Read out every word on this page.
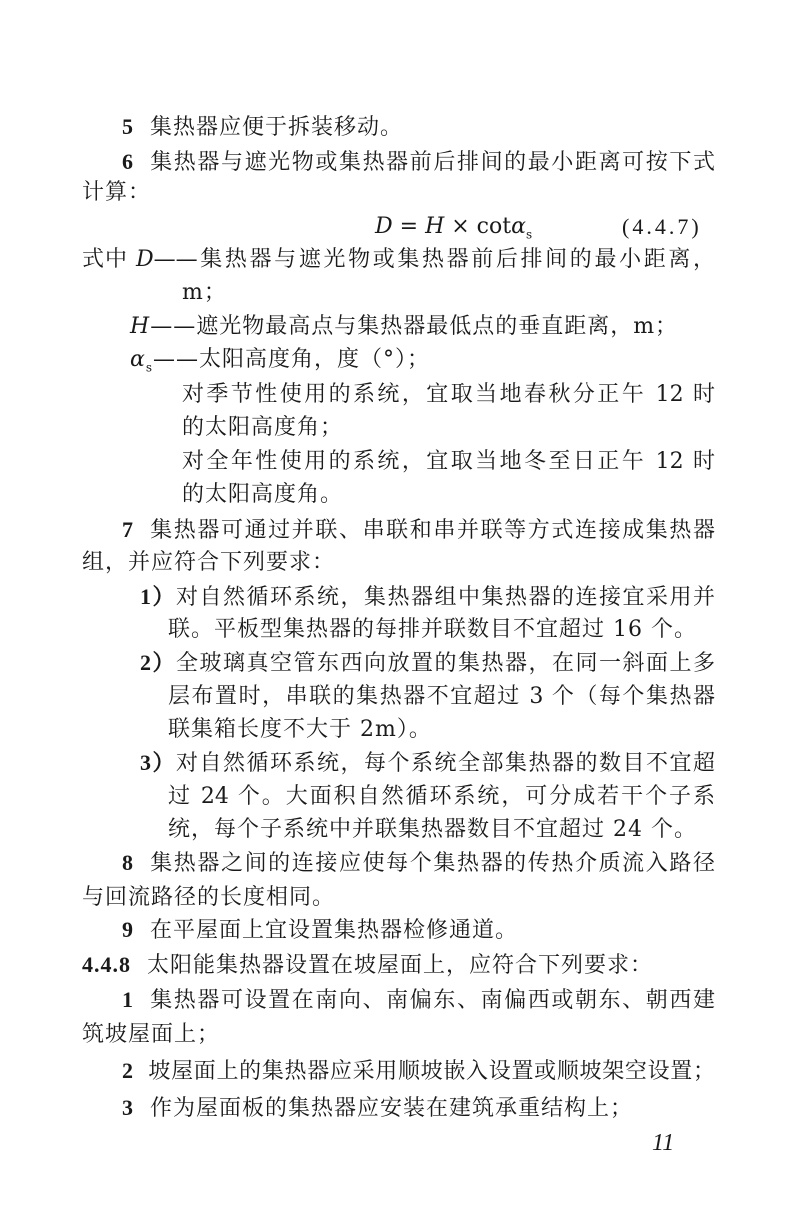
5 集热器应便于拆装移动。
6 集热器与遮光物或集热器前后排间的最小距离可按下式
计算：
D = H × cotα$_s$	(4.4.7)
式中 D——集热器与遮光物或集热器前后排间的最小距离，
m；
H——遮光物最高点与集热器最低点的垂直距离，m；
$\alpha_s——$太阳高度角，度（°）；
对季节性使用的系统，宜取当地春秋分正午 12 时
的太阳高度角；
对全年性使用的系统，宜取当地冬至日正午 12 时
的太阳高度角。
7 集热器可通过并联、串联和串并联等方式连接成集热器
组，并应符合下列要求：
1）对自然循环系统，集热器组中集热器的连接宜采用并
联。平板型集热器的每排并联数目不宜超过 16 个。
2）全玻璃真空管东西向放置的集热器，在同一斜面上多
层布置时，串联的集热器不宜超过 3 个（每个集热器
联集箱长度不大于 2m）。
3）对自然循环系统，每个系统全部集热器的数目不宜超
过 24 个。大面积自然循环系统，可分成若干个子系
统，每个子系统中并联集热器数目不宜超过 24 个。
8 集热器之间的连接应使每个集热器的传热介质流入路径
与回流路径的长度相同。
9 在平屋面上宜设置集热器检修通道。
4.4.8 太阳能集热器设置在坡屋面上，应符合下列要求：
1 集热器可设置在南向、南偏东、南偏西或朝东、朝西建
筑坡屋面上；
2 坡屋面上的集热器应采用顺坡嵌入设置或顺坡架空设置；
3 作为屋面板的集热器应安装在建筑承重结构上；
11
